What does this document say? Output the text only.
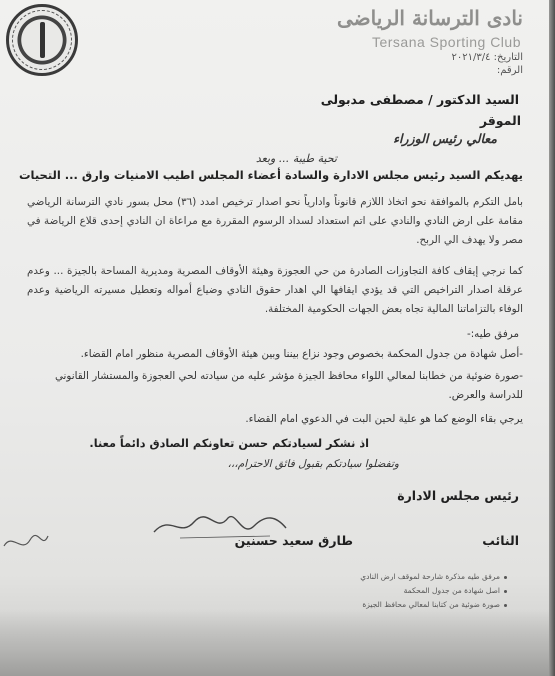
نادى الترسانة الرياضى
Tersana Sporting Club
التاريخ: ٢٠٢١/٣/٤
الرقم:
السيد الدكتور / مصطفى مدبولى
الموقر
معالي رئيس الوزراء
تحية طيبة ... وبعد
يهديكم السيد رئيس مجلس الادارة والسادة أعضاء المجلس اطيب الامنيات وارق ... التحيات
بامل التكرم بالموافقة نحو اتخاذ اللازم قانوناً وادارياً نحو اصدار ترخيص امدد (٣٦) محل بسور نادي الترسانة الرياضي مقامة على ارض النادي والنادي على اتم استعداد لسداد الرسوم المقررة مع مراعاة ان النادي إحدى قلاع الرياضة في مصر ولا يهدف الي الربح.
كما نرجي إيقاف كافة التجاوزات الصادرة من حي العجوزة وهيئة الأوقاف المصرية ومديرية المساحة بالجيزة ... وعدم عرقلة اصدار التراخيص التي قد يؤدي ايقافها الي اهدار حقوق النادي وضياع أمواله وتعطيل مسيرته الرياضية وعدم الوفاء بالتزاماتنا المالية تجاه بعض الجهات الحكومية المختلفة.
مرفق طيه:-
-أصل شهادة من جدول المحكمة بخصوص وجود نزاع بيننا وبين هيئة الأوقاف المصرية منظور امام القضاء.
-صورة ضوئية من خطابنا لمعالي اللواء محافظ الجيزة مؤشر عليه من سيادته لحي العجوزة والمستشار القانوني للدراسة والعرض.
يرجي بقاء الوضع كما هو علية لحين البت في الدعوي امام القضاء.
اذ نشكر لسيادتكم حسن تعاونكم الصادق دائماً معنا.
وتفضلوا سيادتكم بقبول فائق الاحترام،،،
رئيس مجلس الادارة
النائب
طارق سعيد حسنين
مرفق طيه مذكرة شارحة لموقف ارض النادي
اصل شهادة من جدول المحكمة
صورة ضوئية من كتابنا لمعالي محافظ الجيزة
